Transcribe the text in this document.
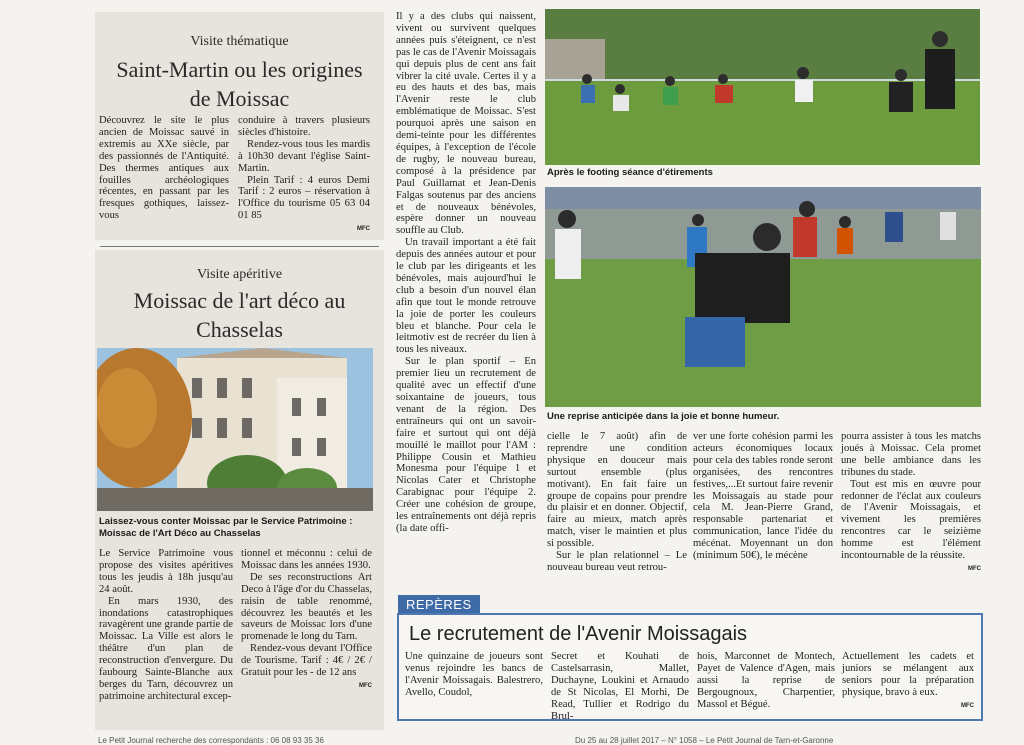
Visite thématique
Saint-Martin ou les origines de Moissac

Découvrez le site le plus ancien de Moissac sauvé in extremis au XXe siècle, par des passionnés de l'Antiquité. Des thermes antiques aux fouilles archéologiques récentes, en passant par les fresques gothiques, laissez-vous

conduire à travers plusieurs siècles d'histoire.

Rendez-vous tous les mardis à 10h30 devant l'église Saint-Martin.

Plein Tarif : 4 euros Demi Tarif : 2 euros – réservation à l'Office du tourisme 05 63 04 01 85

MFC
Visite apéritive
Moissac de l'art déco au Chasselas
Laissez-vous conter Moissac par le Service Patrimoine : Moissac de l'Art Déco au Chasselas

Le Service Patrimoine vous propose des visites apéritives tous les jeudis à 18h jusqu'au 24 août.

En mars 1930, des inondations catastrophiques ravagèrent une grande partie de Moissac. La Ville est alors le théâtre d'un plan de reconstruction d'envergure. Du faubourg Sainte-Blanche aux berges du Tarn, découvrez un patrimoine architectural excep-

tionnel et méconnu : celui de Moissac dans les années 1930.

De ses reconstructions Art Deco à l'âge d'or du Chasselas, raisin de table renommé, découvrez les beautés et les saveurs de Moissac lors d'une promenade le long du Tarn.

Rendez-vous devant l'Office de Tourisme. Tarif : 4€ / 2€ / Gratuit pour les - de 12 ans

MFC

Il y a des clubs qui naissent, vivent ou survivent quelques années puis s'éteignent, ce n'est pas le cas de l'Avenir Moissagais qui depuis plus de cent ans fait vibrer la cité uvale. Certes il y a eu des hauts et des bas, mais l'Avenir reste le club emblématique de Moissac. S'est pourquoi après une saison en demi-teinte pour les différentes équipes, à l'exception de l'école de rugby, le nouveau bureau, composé à la présidence par Paul Guillamat et Jean-Denis Falgas soutenus par des anciens et de nouveaux bénévoles, espère donner un nouveau souffle au Club.

Un travail important a été fait depuis des années autour et pour le club par les dirigeants et les bénévoles, mais aujourd'hui le club a besoin d'un nouvel élan afin que tout le monde retrouve la joie de porter les couleurs bleu et blanche. Pour cela le leitmotiv est de recréer du lien à tous les niveaux.

Sur le plan sportif – En premier lieu un recrutement de qualité avec un effectif d'une soixantaine de joueurs, tous venant de la région. Des entraîneurs qui ont un savoir-faire et surtout qui ont déjà mouillé le maillot pour l'AM : Philippe Cousin et Mathieu Monesma pour l'équipe 1 et Nicolas Cater et Christophe Carabignac pour l'équipe 2. Créer une cohésion de groupe, les entraînements ont déjà repris (la date offi-

Après le footing séance d'étirements
Une reprise anticipée dans la joie et bonne humeur.

cielle le 7 août) afin de reprendre une condition physique en douceur mais surtout ensemble (plus motivant). En fait faire un groupe de copains pour prendre du plaisir et en donner. Objectif, faire au mieux, match après match, viser le maintien et plus si possible.

Sur le plan relationnel – Le nouveau bureau veut retrou-

ver une forte cohésion parmi les acteurs économiques locaux pour cela des tables ronde seront organisées, des rencontres festives,...Et surtout faire revenir les Moissagais au stade pour cela M. Jean-Pierre Grand, responsable partenariat et communication, lance l'idée du mécénat. Moyennant un don (minimum 50€), le mécène

pourra assister à tous les matchs joués à Moissac. Cela promet une belle ambiance dans les tribunes du stade.

Tout est mis en œuvre pour redonner de l'éclat aux couleurs de l'Avenir Moissagais, et vivement les premières rencontres car le seizième homme est l'élément incontournable de la réussite.

MFC
REPÈRES
Le recrutement de l'Avenir Moissagais

Une quinzaine de joueurs sont venus rejoindre les bancs de l'Avenir Moissagais. Balestrero, Avello, Coudol,

Secret et Kouhati de Castelsarrasin, Mallet, Duchayne, Loukini et Arnaudo de St Nicolas, El Morhi, De Read, Tullier et Rodrigo du Brul-

hois, Marconnet de Montech, Payet de Valence d'Agen, mais aussi la reprise de Bergougnoux, Charpentier, Massol et Bégué.

Actuellement les cadets et juniors se mélangent aux seniors pour la préparation physique, bravo à eux.

MFC
Le Petit Journal recherche des correspondants : 06 08 93 35 36	Du 25 au 28 juillet 2017 – N° 1058 – Le Petit Journal de Tarn-et-Garonne
